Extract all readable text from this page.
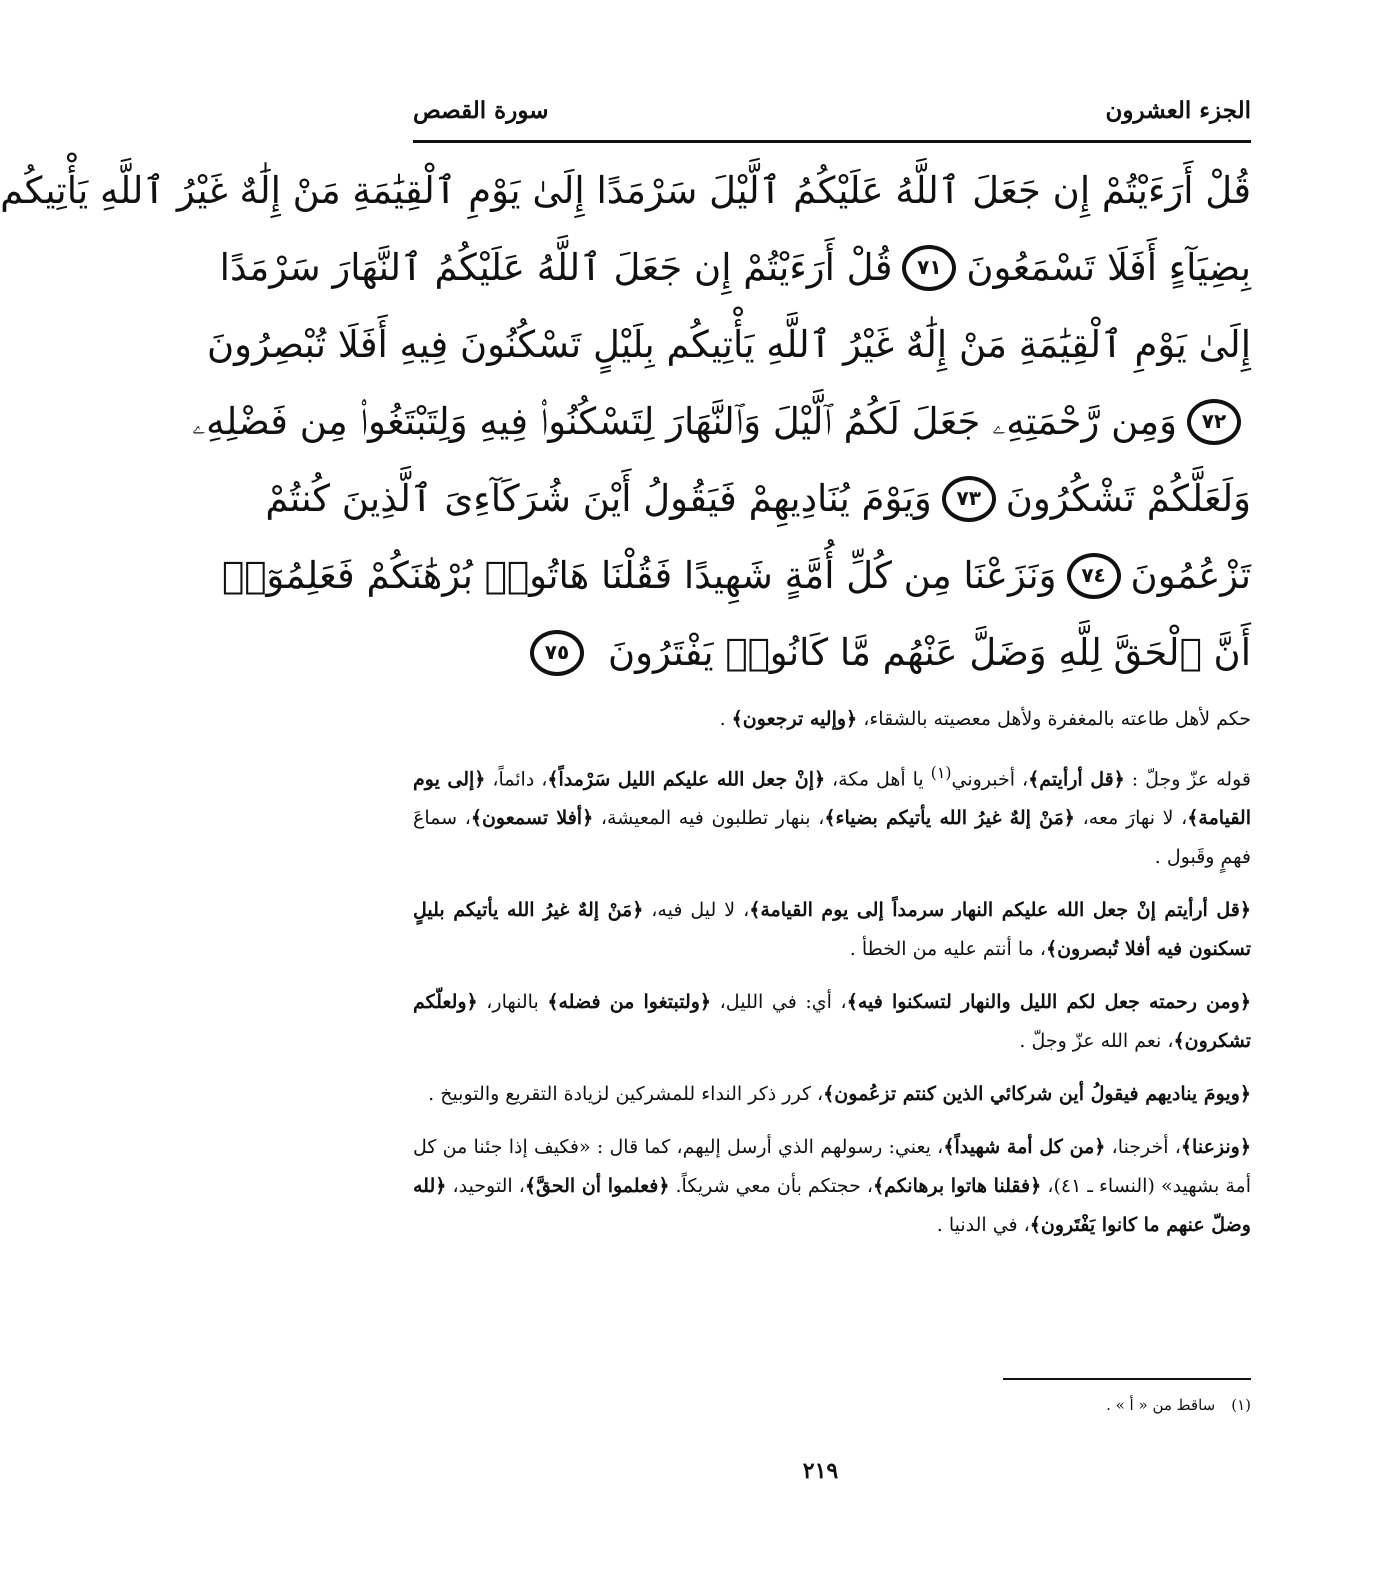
الجزء العشرون
سورة القصص
قُلْ أَرَءَيْتُمْ إِن جَعَلَ ٱللَّهُ عَلَيْكُمُ ٱلَّيْلَ سَرْمَدًا إِلَىٰ يَوْمِ ٱلْقِيَٰمَةِ مَنْ إِلَٰهٌ غَيْرُ ٱللَّهِ يَأْتِيكُم
بِضِيَآءٍ أَفَلَا تَسْمَعُونَ
٧١
قُلْ أَرَءَيْتُمْ إِن جَعَلَ ٱللَّهُ عَلَيْكُمُ ٱلنَّهَارَ سَرْمَدًا
إِلَىٰ يَوْمِ ٱلْقِيَٰمَةِ مَنْ إِلَٰهٌ غَيْرُ ٱللَّهِ يَأْتِيكُم بِلَيْلٍ تَسْكُنُونَ فِيهِ أَفَلَا تُبْصِرُونَ
٧٢
وَمِن رَّحْمَتِهِۦ جَعَلَ لَكُمُ ٱلَّيْلَ وَٱلنَّهَارَ لِتَسْكُنُوا۟ فِيهِ وَلِتَبْتَغُوا۟ مِن فَضْلِهِۦ
وَلَعَلَّكُمْ تَشْكُرُونَ
٧٣
وَيَوْمَ يُنَادِيهِمْ فَيَقُولُ أَيْنَ شُرَكَآءِىَ ٱلَّذِينَ كُنتُمْ
تَزْعُمُونَ
٧٤
وَنَزَعْنَا مِن كُلِّ أُمَّةٍ شَهِيدًا فَقُلْنَا هَاتُوا۟ بُرْهَٰنَكُمْ فَعَلِمُوٓا۟
أَنَّ ٱلْحَقَّ لِلَّهِ وَضَلَّ عَنْهُم مَّا كَانُوا۟ يَفْتَرُونَ
٧٥

حكم لأهل طاعته بالمغفرة ولأهل معصيته بالشقاء، ﴿وإليه ترجعون﴾ .

قوله عزّ وجلّ : ﴿قل أرأيتم﴾، أخبروني$^{(١)}$ يا أهل مكة، ﴿إنْ جعل الله عليكم الليل سَرْمداً﴾، دائماً، ﴿إلى يوم القيامة﴾، لا نهارَ معه، ﴿مَنْ إلهٌ غيرُ الله يأتيكم بضياء﴾، بنهار تطلبون فيه المعيشة، ﴿أفلا تسمعون﴾، سماعَ فهمٍ وقَبول .

﴿قل أرأيتم إنْ جعل الله عليكم النهار سرمداً إلى يوم القيامة﴾، لا ليل فيه، ﴿مَنْ إلهٌ غيرُ الله يأتيكم بليلٍ تسكنون فيه أفلا تُبصرون﴾، ما أنتم عليه من الخطأ .

﴿ومن رحمته جعل لكم الليل والنهار لتسكنوا فيه﴾، أي: في الليل، ﴿ولتبتغوا من فضله﴾ بالنهار، ﴿ولعلّكم تشكرون﴾، نعم الله عزّ وجلّ .

﴿ويومَ يناديهم فيقولُ أين شركائي الذين كنتم تزعُمون﴾، كرر ذكر النداء للمشركين لزيادة التقريع والتوبيخ .

﴿ونزعنا﴾، أخرجنا، ﴿من كل أمة شهيداً﴾، يعني: رسولهم الذي أرسل إليهم، كما قال : «فكيف إذا جئنا من كل أمة بشهيد» (النساء ـ ٤١)، ﴿فقلنا هاتوا برهانكم﴾، حجتكم بأن معي شريكاً. ﴿فعلموا أن الحقَّ﴾، التوحيد، ﴿لله وضلّ عنهم ما كانوا يَفْتَرون﴾، في الدنيا .

(١)
ساقط من « أ » .
٢١٩
